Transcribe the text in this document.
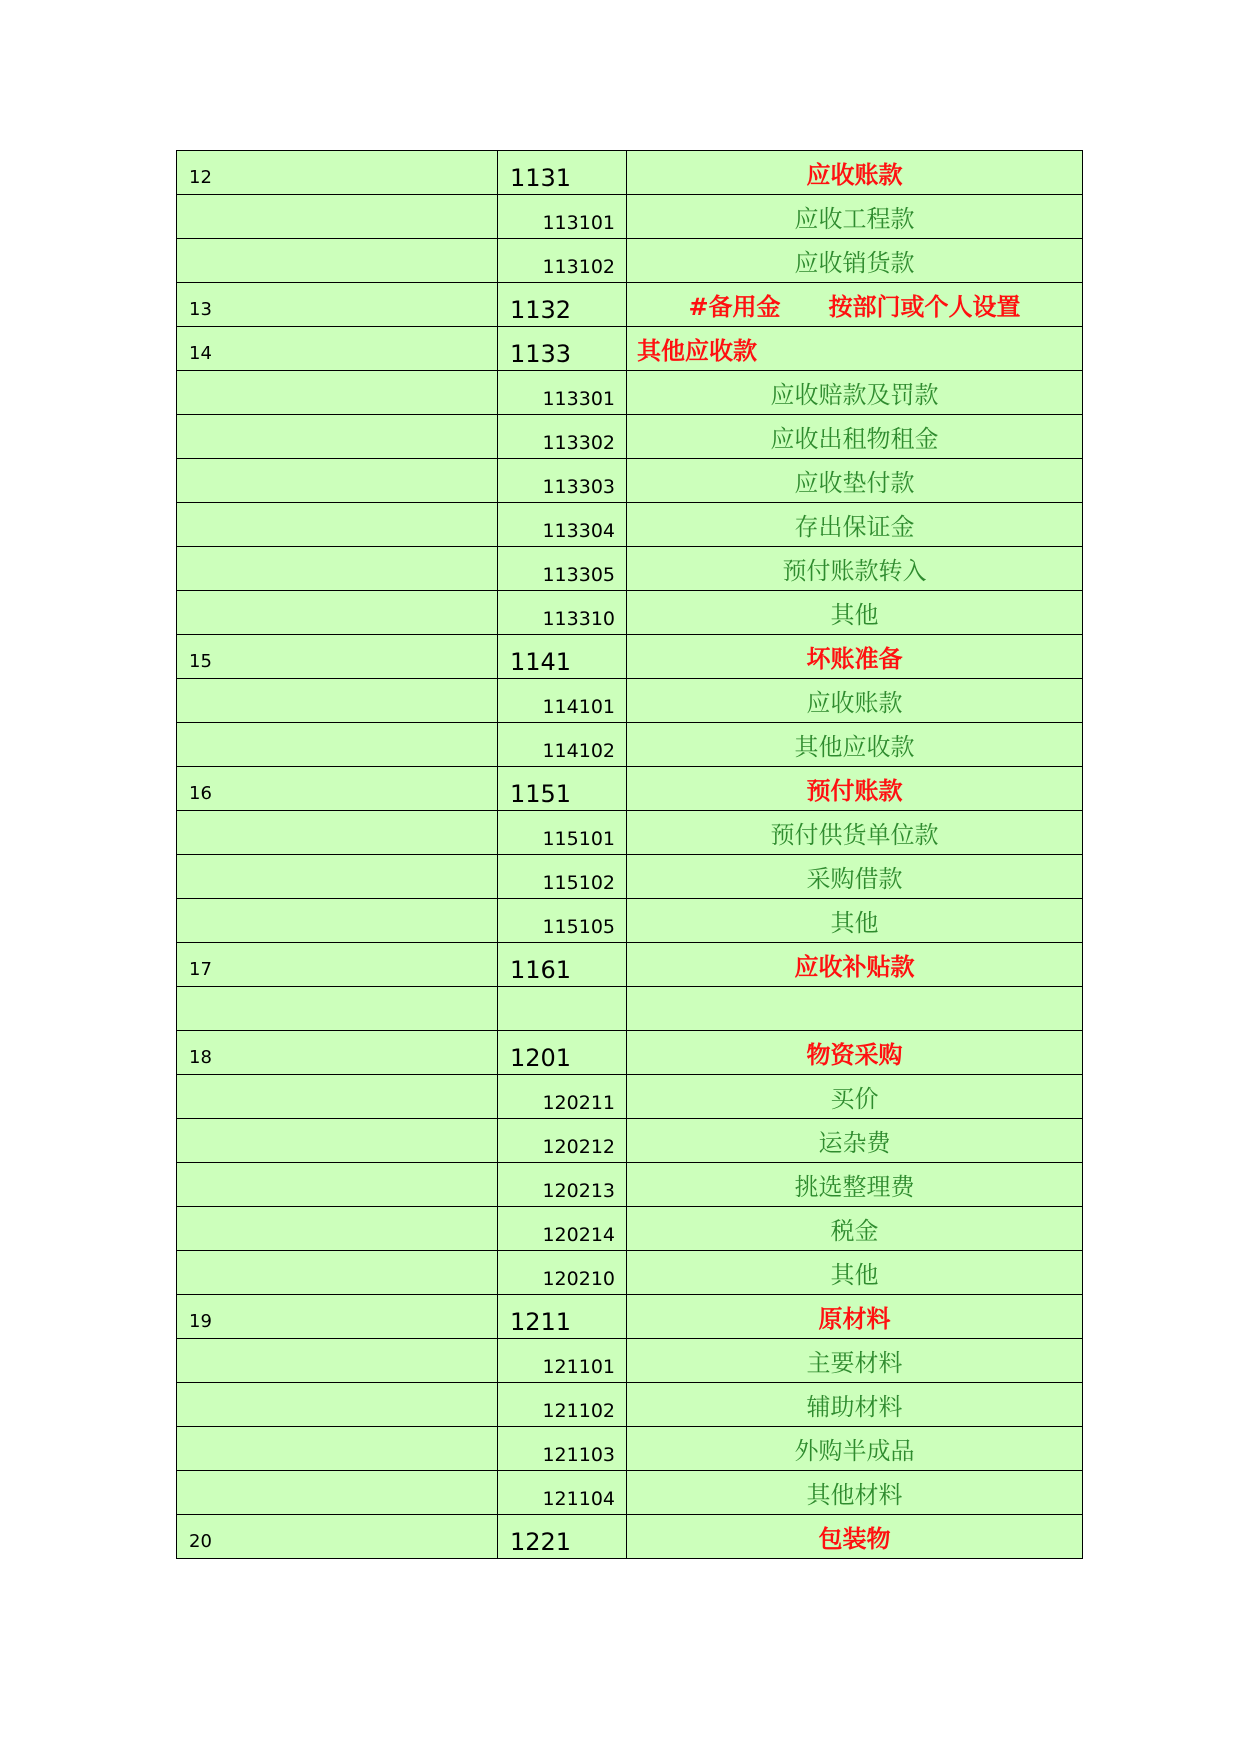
12	1131	应收账款
	113101	应收工程款
	113102	应收销货款
13	1132	#备用金　　按部门或个人设置
14	1133	其他应收款
	113301	应收赔款及罚款
	113302	应收出租物租金
	113303	应收垫付款
	113304	存出保证金
	113305	预付账款转入
	113310	其他
15	1141	坏账准备
	114101	应收账款
	114102	其他应收款
16	1151	预付账款
	115101	预付供货单位款
	115102	采购借款
	115105	其他
17	1161	应收补贴款

18	1201	物资采购
	120211	买价
	120212	运杂费
	120213	挑选整理费
	120214	税金
	120210	其他
19	1211	原材料
	121101	主要材料
	121102	辅助材料
	121103	外购半成品
	121104	其他材料
20	1221	包装物
